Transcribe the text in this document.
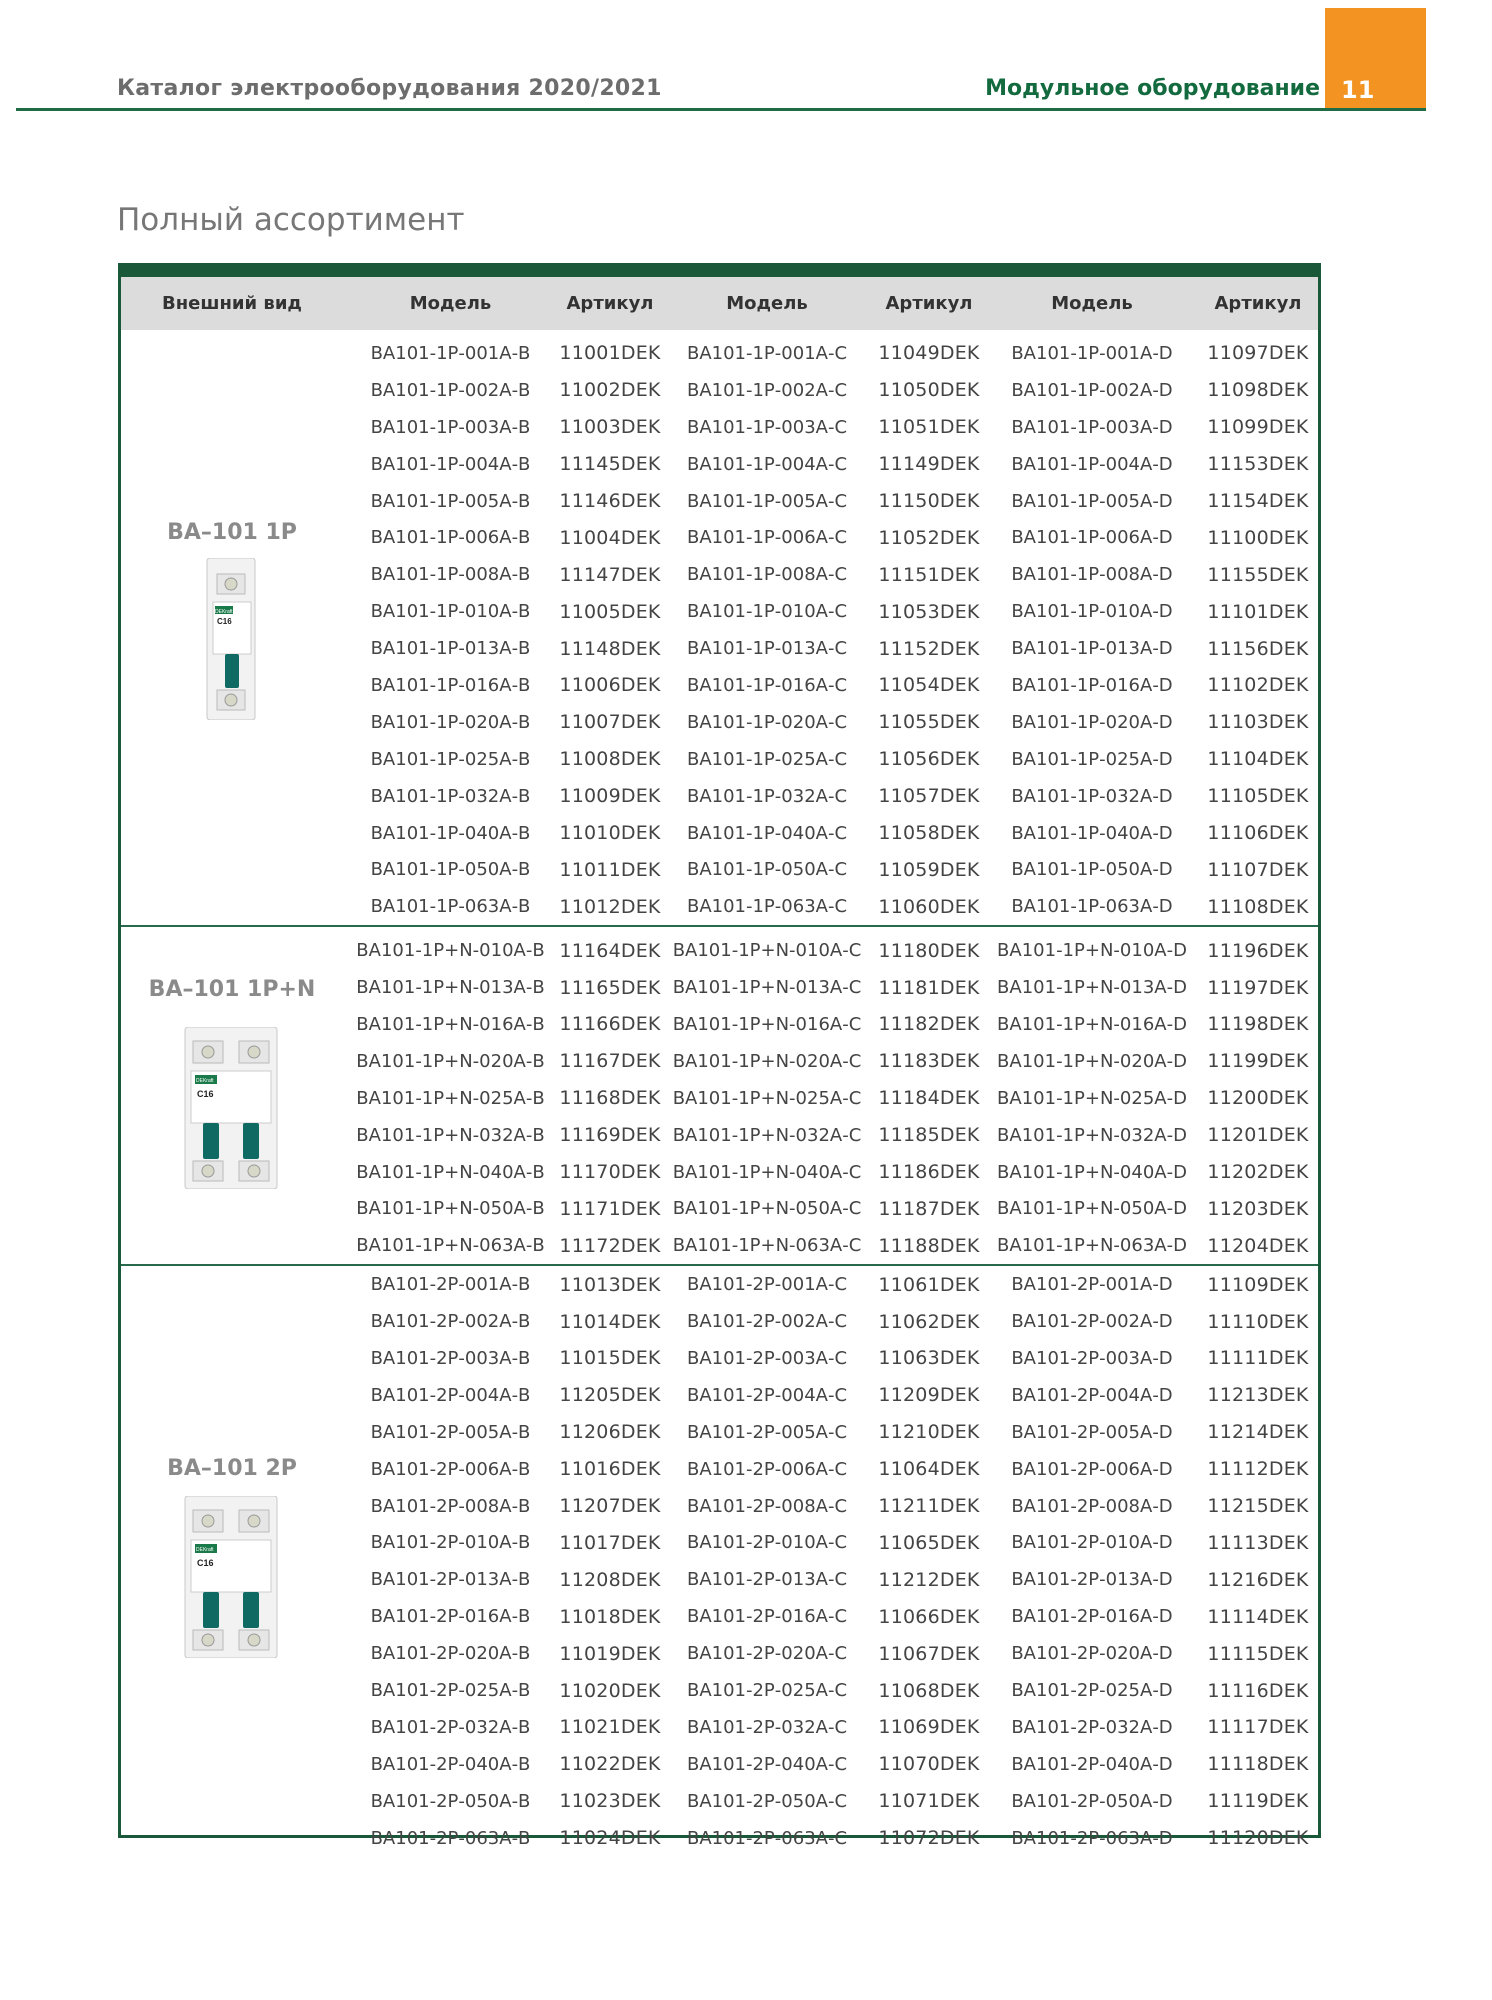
11
Каталог электрооборудования 2020/2021	Модульное оборудование
Полный ассортимент
Внешний вид	Модель	Артикул	Модель	Артикул	Модель	Артикул
ВА–101 1Р
C16
DEKraft
ВА101-1Р-001А-В	11001DEK	ВА101-1Р-001А-С	11049DEK	ВА101-1Р-001А-D	11097DEK
ВА101-1Р-002А-В	11002DEK	ВА101-1Р-002А-С	11050DEK	ВА101-1Р-002А-D	11098DEK
ВА101-1Р-003А-В	11003DEK	ВА101-1Р-003А-С	11051DEK	ВА101-1Р-003А-D	11099DEK
ВА101-1Р-004А-В	11145DEK	ВА101-1Р-004А-С	11149DEK	ВА101-1Р-004А-D	11153DEK
ВА101-1Р-005А-В	11146DEK	ВА101-1Р-005А-С	11150DEK	ВА101-1Р-005А-D	11154DEK
ВА101-1Р-006А-В	11004DEK	ВА101-1Р-006А-С	11052DEK	ВА101-1Р-006А-D	11100DEK
ВА101-1Р-008А-В	11147DEK	ВА101-1Р-008А-С	11151DEK	ВА101-1Р-008А-D	11155DEK
ВА101-1Р-010А-В	11005DEK	ВА101-1Р-010А-С	11053DEK	ВА101-1Р-010А-D	11101DEK
ВА101-1Р-013А-В	11148DEK	ВА101-1Р-013А-С	11152DEK	ВА101-1Р-013А-D	11156DEK
ВА101-1Р-016А-В	11006DEK	ВА101-1Р-016А-С	11054DEK	ВА101-1Р-016А-D	11102DEK
ВА101-1Р-020А-В	11007DEK	ВА101-1Р-020А-С	11055DEK	ВА101-1Р-020А-D	11103DEK
ВА101-1Р-025А-В	11008DEK	ВА101-1Р-025А-С	11056DEK	ВА101-1Р-025А-D	11104DEK
ВА101-1Р-032А-В	11009DEK	ВА101-1Р-032А-С	11057DEK	ВА101-1Р-032А-D	11105DEK
ВА101-1Р-040А-В	11010DEK	ВА101-1Р-040А-С	11058DEK	ВА101-1Р-040А-D	11106DEK
ВА101-1Р-050А-В	11011DEK	ВА101-1Р-050А-С	11059DEK	ВА101-1Р-050А-D	11107DEK
ВА101-1Р-063А-В	11012DEK	ВА101-1Р-063А-С	11060DEK	ВА101-1Р-063А-D	11108DEK
ВА–101 1Р+N
DEKraft
C16
ВА101-1Р+N-010А-В 11164DEK ВА101-1Р+N-010А-С 11180DEK ВА101-1Р+N-010А-D	11196DEK
ВА101-1Р+N-013А-В 11165DEK ВА101-1Р+N-013А-С 11181DEK ВА101-1Р+N-013А-D	11197DEK
ВА101-1Р+N-016А-В 11166DEK ВА101-1Р+N-016А-С 11182DEK ВА101-1Р+N-016А-D	11198DEK
ВА101-1Р+N-020А-В 11167DEK ВА101-1Р+N-020А-С 11183DEK ВА101-1Р+N-020А-D	11199DEK
ВА101-1Р+N-025А-В 11168DEK ВА101-1Р+N-025А-С 11184DEK ВА101-1Р+N-025А-D	11200DEK
ВА101-1Р+N-032А-В 11169DEK ВА101-1Р+N-032А-С 11185DEK ВА101-1Р+N-032А-D	11201DEK
ВА101-1Р+N-040А-В 11170DEK ВА101-1Р+N-040А-С 11186DEK ВА101-1Р+N-040А-D	11202DEK
ВА101-1Р+N-050А-В 11171DEK ВА101-1Р+N-050А-С 11187DEK ВА101-1Р+N-050А-D	11203DEK
ВА101-1Р+N-063А-В 11172DEK ВА101-1Р+N-063А-С 11188DEK ВА101-1Р+N-063А-D	11204DEK
ВА–101 2Р
DEKraft
C16
ВА101-2Р-001А-В	11013DEK	ВА101-2Р-001А-С	11061DEK	ВА101-2Р-001А-D	11109DEK
ВА101-2Р-002А-В	11014DEK	ВА101-2Р-002А-С	11062DEK	ВА101-2Р-002А-D	11110DEK
ВА101-2Р-003А-В	11015DEK	ВА101-2Р-003А-С	11063DEK	ВА101-2Р-003А-D	11111DEK
ВА101-2Р-004А-В	11205DEK	ВА101-2Р-004А-С	11209DEK	ВА101-2Р-004А-D	11213DEK
ВА101-2Р-005А-В	11206DEK	ВА101-2Р-005А-С	11210DEK	ВА101-2Р-005А-D	11214DEK
ВА101-2Р-006А-В	11016DEK	ВА101-2Р-006А-С	11064DEK	ВА101-2Р-006А-D	11112DEK
ВА101-2Р-008А-В	11207DEK	ВА101-2Р-008А-С	11211DEK	ВА101-2Р-008А-D	11215DEK
ВА101-2Р-010А-В	11017DEK	ВА101-2Р-010А-С	11065DEK	ВА101-2Р-010А-D	11113DEK
ВА101-2Р-013А-В	11208DEK	ВА101-2Р-013А-С	11212DEK	ВА101-2Р-013А-D	11216DEK
ВА101-2Р-016А-В	11018DEK	ВА101-2Р-016А-С	11066DEK	ВА101-2Р-016А-D	11114DEK
ВА101-2Р-020А-В	11019DEK	ВА101-2Р-020А-С	11067DEK	ВА101-2Р-020А-D	11115DEK
ВА101-2Р-025А-В	11020DEK	ВА101-2Р-025А-С	11068DEK	ВА101-2Р-025А-D	11116DEK
ВА101-2Р-032А-В	11021DEK	ВА101-2Р-032А-С	11069DEK	ВА101-2Р-032А-D	11117DEK
ВА101-2Р-040А-В	11022DEK	ВА101-2Р-040А-С	11070DEK	ВА101-2Р-040А-D	11118DEK
ВА101-2Р-050А-В	11023DEK	ВА101-2Р-050А-С	11071DEK	ВА101-2Р-050А-D	11119DEK
ВА101-2Р-063А-В	11024DEK	ВА101-2Р-063А-С	11072DEK	ВА101-2Р-063А-D	11120DEK
